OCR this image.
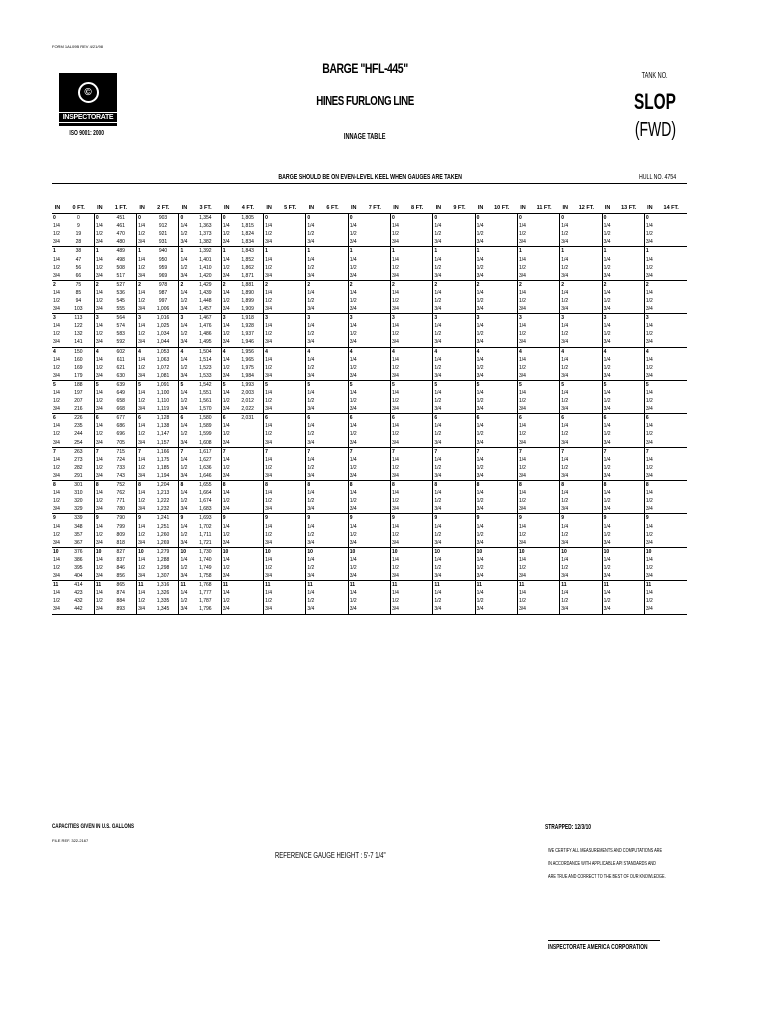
FORM 1AL09B REV 4/21/98
©
INSPECTORATE
ISO 9001: 2000
BARGE "HFL-445"
HINES FURLONG LINE
INNAGE TABLE
TANK NO.
SLOP
(FWD)
BARGE SHOULD BE ON EVEN-LEVEL KEEL WHEN GAUGES ARE TAKEN	HULL NO. 4754
IN	0 FT.	IN	1 FT.	IN	2 FT.	IN	3 FT.	IN	4 FT.	IN	5 FT.	IN	6 FT.	IN	7 FT.	IN	8 FT.	IN	9 FT.	IN	10 FT.	IN	11 FT.	IN	12 FT.	IN	13 FT.	IN	14 FT.
0	0	0	451	0	903	0	1,354	0	1,805	0		0		0		0		0		0		0		0		0		0	
1/4	9	1/4	461	1/4	912	1/4	1,363	1/4	1,815	1/4		1/4		1/4		1/4		1/4		1/4		1/4		1/4		1/4		1/4	
1/2	19	1/2	470	1/2	921	1/2	1,373	1/2	1,824	1/2		1/2		1/2		1/2		1/2		1/2		1/2		1/2		1/2		1/2	
3/4	28	3/4	480	3/4	931	3/4	1,382	3/4	1,834	3/4		3/4		3/4		3/4		3/4		3/4		3/4		3/4		3/4		3/4	
1	38	1	489	1	940	1	1,392	1	1,843	1		1		1		1		1		1		1		1		1		1	
1/4	47	1/4	498	1/4	950	1/4	1,401	1/4	1,852	1/4		1/4		1/4		1/4		1/4		1/4		1/4		1/4		1/4		1/4	
1/2	56	1/2	508	1/2	959	1/2	1,410	1/2	1,862	1/2		1/2		1/2		1/2		1/2		1/2		1/2		1/2		1/2		1/2	
3/4	66	3/4	517	3/4	969	3/4	1,420	3/4	1,871	3/4		3/4		3/4		3/4		3/4		3/4		3/4		3/4		3/4		3/4	
2	75	2	527	2	978	2	1,429	2	1,881	2		2		2		2		2		2		2		2		2		2	
1/4	85	1/4	536	1/4	987	1/4	1,439	1/4	1,890	1/4		1/4		1/4		1/4		1/4		1/4		1/4		1/4		1/4		1/4	
1/2	94	1/2	545	1/2	997	1/2	1,448	1/2	1,899	1/2		1/2		1/2		1/2		1/2		1/2		1/2		1/2		1/2		1/2	
3/4	103	3/4	555	3/4	1,006	3/4	1,457	3/4	1,909	3/4		3/4		3/4		3/4		3/4		3/4		3/4		3/4		3/4		3/4	
3	113	3	564	3	1,016	3	1,467	3	1,918	3		3		3		3		3		3		3		3		3		3	
1/4	122	1/4	574	1/4	1,025	1/4	1,476	1/4	1,928	1/4		1/4		1/4		1/4		1/4		1/4		1/4		1/4		1/4		1/4	
1/2	132	1/2	583	1/2	1,034	1/2	1,486	1/2	1,937	1/2		1/2		1/2		1/2		1/2		1/2		1/2		1/2		1/2		1/2	
3/4	141	3/4	592	3/4	1,044	3/4	1,495	3/4	1,946	3/4		3/4		3/4		3/4		3/4		3/4		3/4		3/4		3/4		3/4	
4	150	4	602	4	1,053	4	1,504	4	1,956	4		4		4		4		4		4		4		4		4		4	
1/4	160	1/4	611	1/4	1,063	1/4	1,514	1/4	1,965	1/4		1/4		1/4		1/4		1/4		1/4		1/4		1/4		1/4		1/4	
1/2	169	1/2	621	1/2	1,072	1/2	1,523	1/2	1,975	1/2		1/2		1/2		1/2		1/2		1/2		1/2		1/2		1/2		1/2	
3/4	179	3/4	630	3/4	1,081	3/4	1,533	3/4	1,984	3/4		3/4		3/4		3/4		3/4		3/4		3/4		3/4		3/4		3/4	
5	188	5	639	5	1,091	5	1,542	5	1,993	5		5		5		5		5		5		5		5		5		5	
1/4	197	1/4	649	1/4	1,100	1/4	1,551	1/4	2,003	1/4		1/4		1/4		1/4		1/4		1/4		1/4		1/4		1/4		1/4	
1/2	207	1/2	658	1/2	1,110	1/2	1,561	1/2	2,012	1/2		1/2		1/2		1/2		1/2		1/2		1/2		1/2		1/2		1/2	
3/4	216	3/4	668	3/4	1,119	3/4	1,570	3/4	2,022	3/4		3/4		3/4		3/4		3/4		3/4		3/4		3/4		3/4		3/4	
6	226	6	677	6	1,128	6	1,580	6	2,031	6		6		6		6		6		6		6		6		6		6	
1/4	235	1/4	686	1/4	1,138	1/4	1,589	1/4		1/4		1/4		1/4		1/4		1/4		1/4		1/4		1/4		1/4		1/4	
1/2	244	1/2	696	1/2	1,147	1/2	1,599	1/2		1/2		1/2		1/2		1/2		1/2		1/2		1/2		1/2		1/2		1/2	
3/4	254	3/4	705	3/4	1,157	3/4	1,608	3/4		3/4		3/4		3/4		3/4		3/4		3/4		3/4		3/4		3/4		3/4	
7	263	7	715	7	1,166	7	1,617	7		7		7		7		7		7		7		7		7		7		7	
1/4	273	1/4	724	1/4	1,175	1/4	1,627	1/4		1/4		1/4		1/4		1/4		1/4		1/4		1/4		1/4		1/4		1/4	
1/2	282	1/2	733	1/2	1,185	1/2	1,636	1/2		1/2		1/2		1/2		1/2		1/2		1/2		1/2		1/2		1/2		1/2	
3/4	291	3/4	743	3/4	1,194	3/4	1,646	3/4		3/4		3/4		3/4		3/4		3/4		3/4		3/4		3/4		3/4		3/4	
8	301	8	752	8	1,204	8	1,655	8		8		8		8		8		8		8		8		8		8		8	
1/4	310	1/4	762	1/4	1,213	1/4	1,664	1/4		1/4		1/4		1/4		1/4		1/4		1/4		1/4		1/4		1/4		1/4	
1/2	320	1/2	771	1/2	1,222	1/2	1,674	1/2		1/2		1/2		1/2		1/2		1/2		1/2		1/2		1/2		1/2		1/2	
3/4	329	3/4	780	3/4	1,232	3/4	1,683	3/4		3/4		3/4		3/4		3/4		3/4		3/4		3/4		3/4		3/4		3/4	
9	339	9	790	9	1,241	9	1,693	9		9		9		9		9		9		9		9		9		9		9	
1/4	348	1/4	799	1/4	1,251	1/4	1,702	1/4		1/4		1/4		1/4		1/4		1/4		1/4		1/4		1/4		1/4		1/4	
1/2	357	1/2	809	1/2	1,260	1/2	1,711	1/2		1/2		1/2		1/2		1/2		1/2		1/2		1/2		1/2		1/2		1/2	
3/4	367	3/4	818	3/4	1,269	3/4	1,721	3/4		3/4		3/4		3/4		3/4		3/4		3/4		3/4		3/4		3/4		3/4	
10	376	10	827	10	1,279	10	1,730	10		10		10		10		10		10		10		10		10		10		10	
1/4	386	1/4	837	1/4	1,288	1/4	1,740	1/4		1/4		1/4		1/4		1/4		1/4		1/4		1/4		1/4		1/4		1/4	
1/2	395	1/2	846	1/2	1,298	1/2	1,749	1/2		1/2		1/2		1/2		1/2		1/2		1/2		1/2		1/2		1/2		1/2	
3/4	404	3/4	856	3/4	1,307	3/4	1,758	3/4		3/4		3/4		3/4		3/4		3/4		3/4		3/4		3/4		3/4		3/4	
11	414	11	865	11	1,316	11	1,768	11		11		11		11		11		11		11		11		11		11		11	
1/4	423	1/4	874	1/4	1,326	1/4	1,777	1/4		1/4		1/4		1/4		1/4		1/4		1/4		1/4		1/4		1/4		1/4	
1/2	432	1/2	884	1/2	1,335	1/2	1,787	1/2		1/2		1/2		1/2		1/2		1/2		1/2		1/2		1/2		1/2		1/2	
3/4	442	3/4	893	3/4	1,345	3/4	1,796	3/4		3/4		3/4		3/4		3/4		3/4		3/4		3/4		3/4		3/4		3/4	
CAPACITIES GIVEN IN U.S. GALLONS
FILE REF. 322-2167
STRAPPED: 12/3/10
REFERENCE GAUGE HEIGHT : 5'-7 1/4"	WE CERTIFY ALL MEASUREMENTS AND COMPUTATIONS ARE
IN ACCORDANCE WITH APPLICABLE API STANDARDS AND
ARE TRUE AND CORRECT TO THE BEST OF OUR KNOWLEDGE.
INSPECTORATE AMERICA CORPORATION
